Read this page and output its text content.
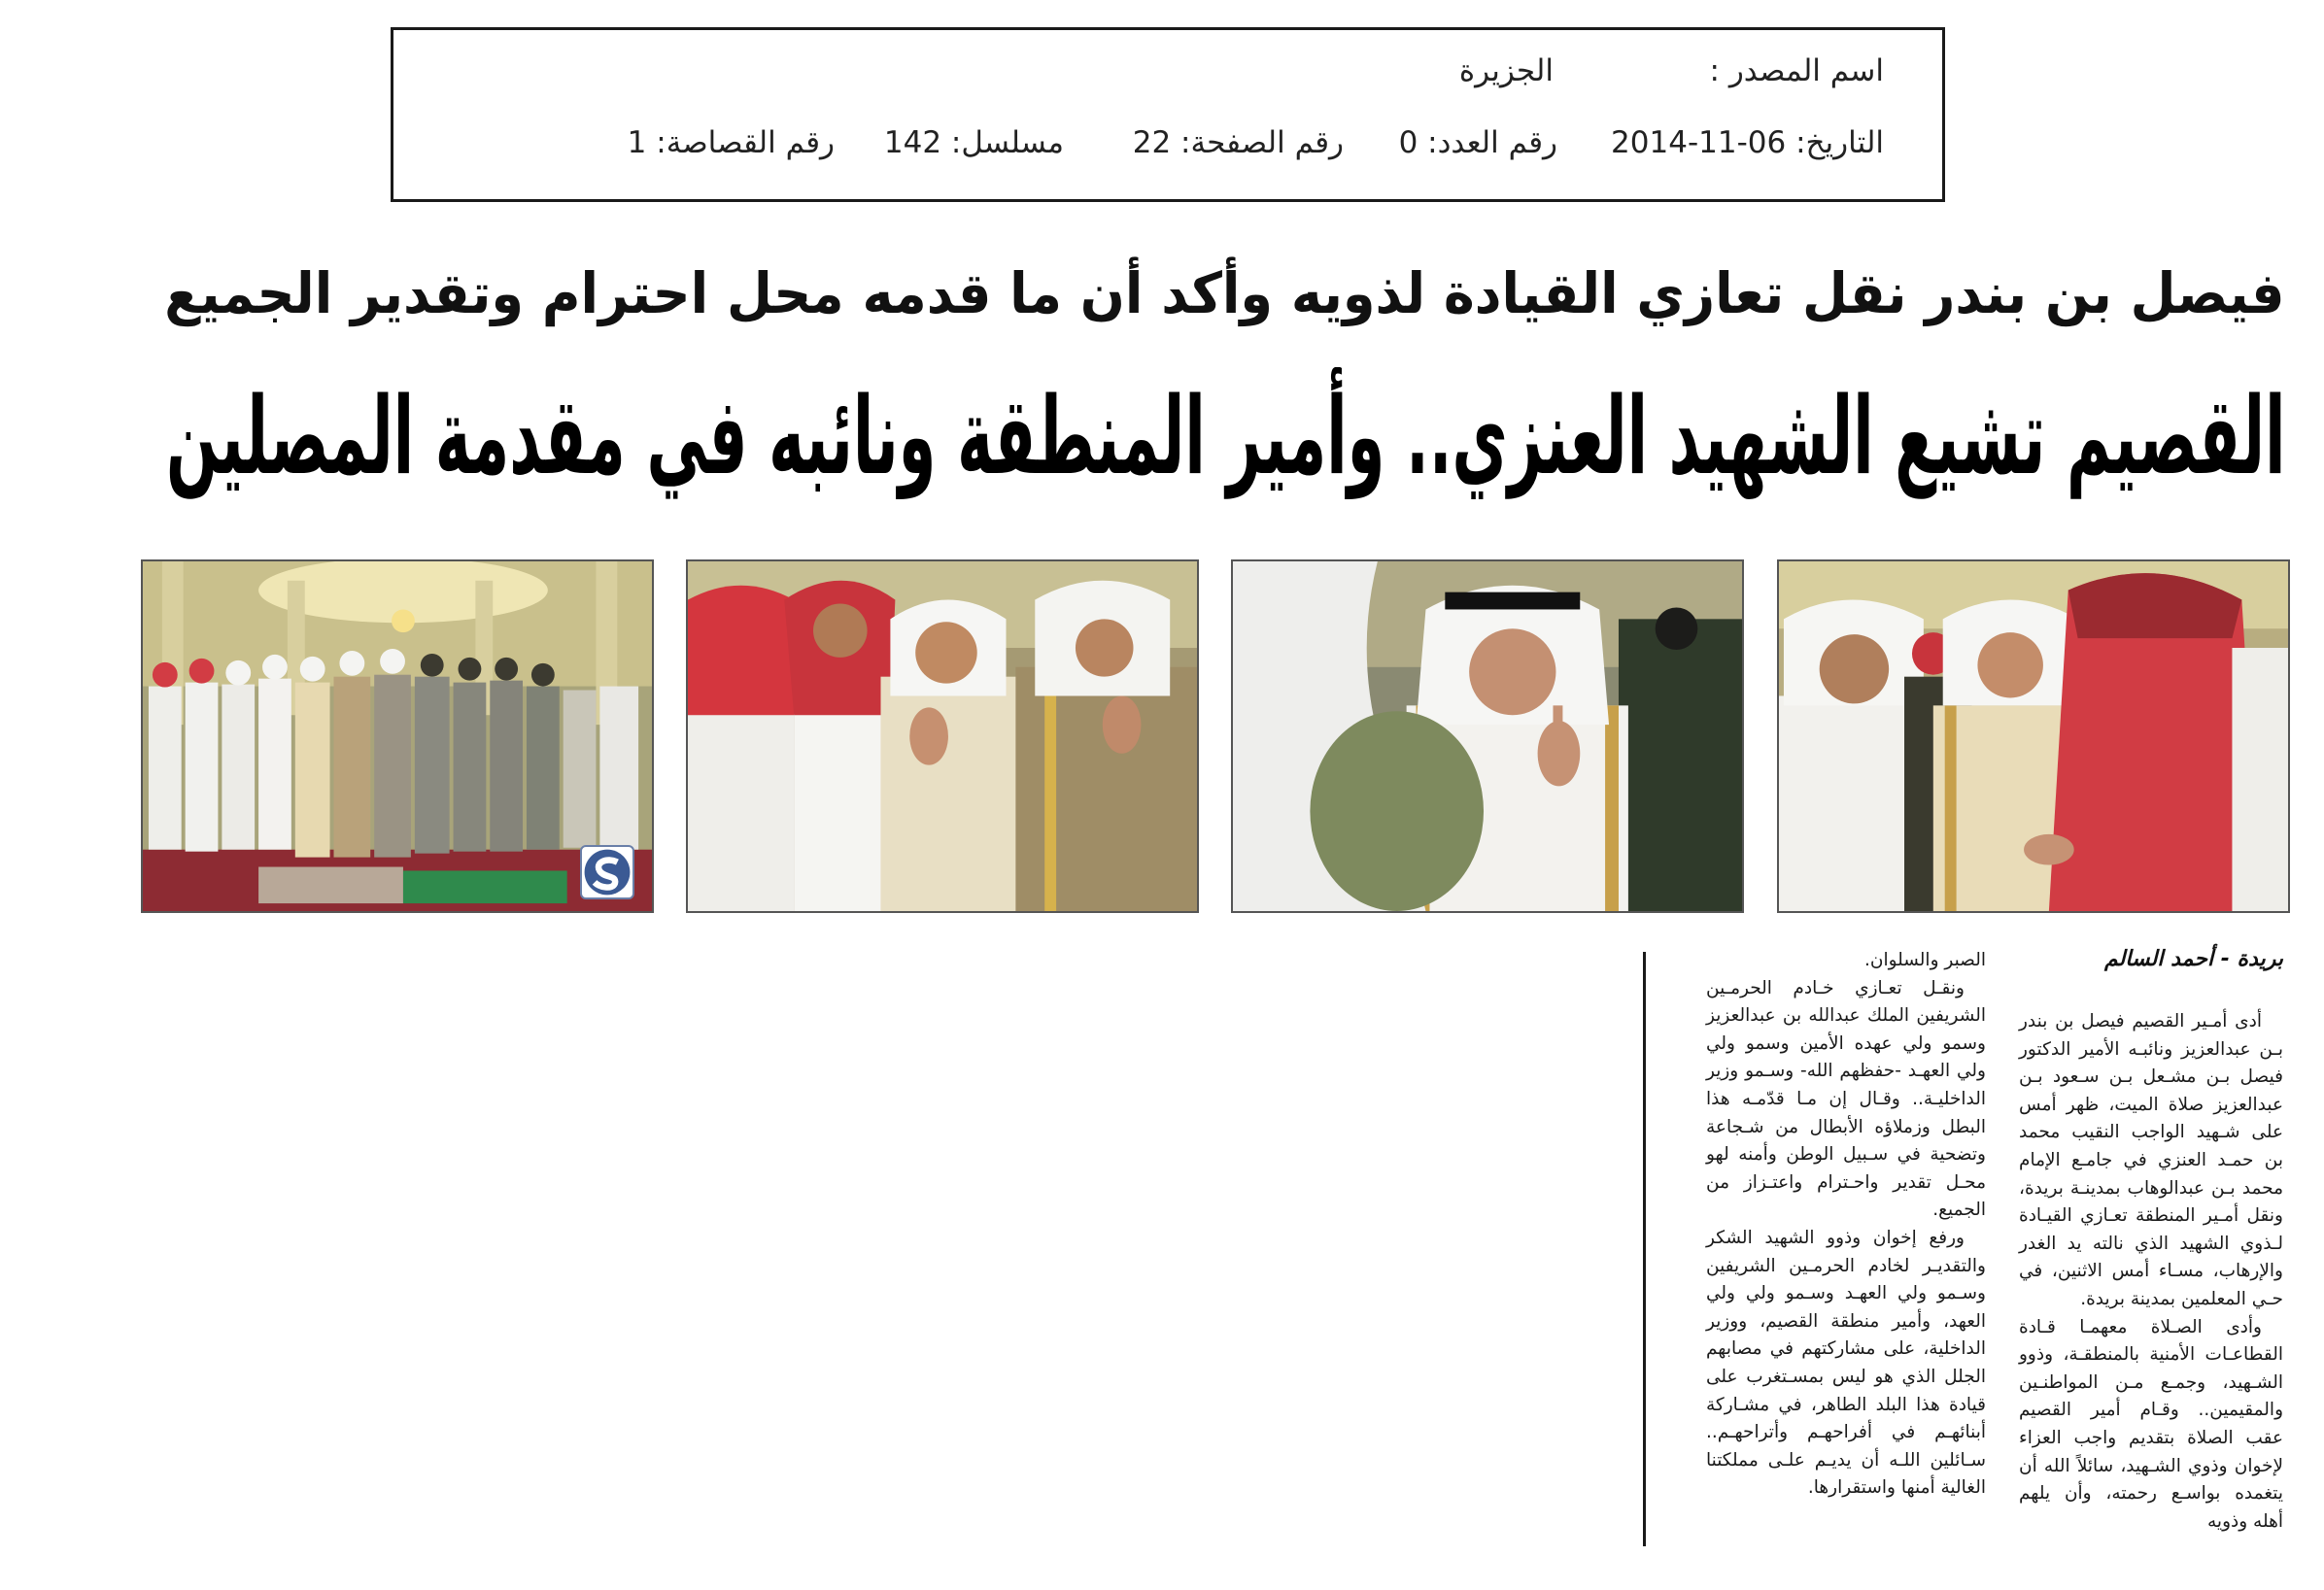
اسم المصدر :
الجزيرة
التاريخ: 06-11-2014
رقم العدد: 0
رقم الصفحة: 22
مسلسل: 142
رقم القصاصة: 1
فيصل بن بندر نقل تعازي القيادة لذويه وأكد أن ما قدمه محل احترام وتقدير الجميع
القصيم تشيع الشهيد العنزي.. وأمير المنطقة ونائبه في مقدمة المصلين
بريدة - أحمد السالم

أدى أمـير القصيم فيصل بن بندر بـن عبدالعزيز ونائبـه الأمير الدكتور فيصل بـن مشـعل بـن سـعود بـن عبدالعزيز صلاة الميت، ظهر أمس على شـهيد الواجب النقيب محمد بن حمـد العنزي في جامـع الإمام محمد بـن عبدالوهاب بمدينـة بريدة، ونقل أمـير المنطقة تعـازي القيـادة لـذوي الشهيد الذي نالته يد الغدر والإرهاب، مسـاء أمس الاثنين، في حـي المعلمين بمدينة بريدة.

وأدى الصـلاة معهمـا قـادة القطاعـات الأمنية بالمنطقـة، وذوو الشـهيد، وجمـع مـن المواطنـين والمقيمين.. وقـام أمير القصيم عقب الصلاة بتقديم واجب العزاء لإخوان وذوي الشـهيد، سائلاً الله أن يتغمده بواسـع رحمته، وأن يلهم أهله وذويه

الصبر والسلوان.

ونقـل تعـازي خـادم الحرمـين الشريفين الملك عبدالله بن عبدالعزيز وسمو ولي عهده الأمين وسمو ولي ولي العهـد -حفظهم الله- وسـمو وزير الداخليـة.. وقـال إن مـا قدّمـه هذا البطل وزملاؤه الأبطال من شـجاعة وتضحية في سـبيل الوطن وأمنه لهو محـل تقدير واحـترام واعتـزاز من الجميع.

ورفع إخوان وذوو الشهيد الشكر والتقديـر لخادم الحرمـين الشريفين وسـمو ولي العهـد وسـمو ولي ولي العهد، وأمير منطقة القصيم، ووزير الداخلية، على مشاركتهم في مصابهم الجلل الذي هو ليس بمسـتغرب على قيادة هذا البلد الطاهر، في مشـاركة أبنائهـم في أفراحهـم وأتراحهـم.. سـائلين اللـه أن يديـم علـى مملكتنا الغالية أمنها واستقرارها.
